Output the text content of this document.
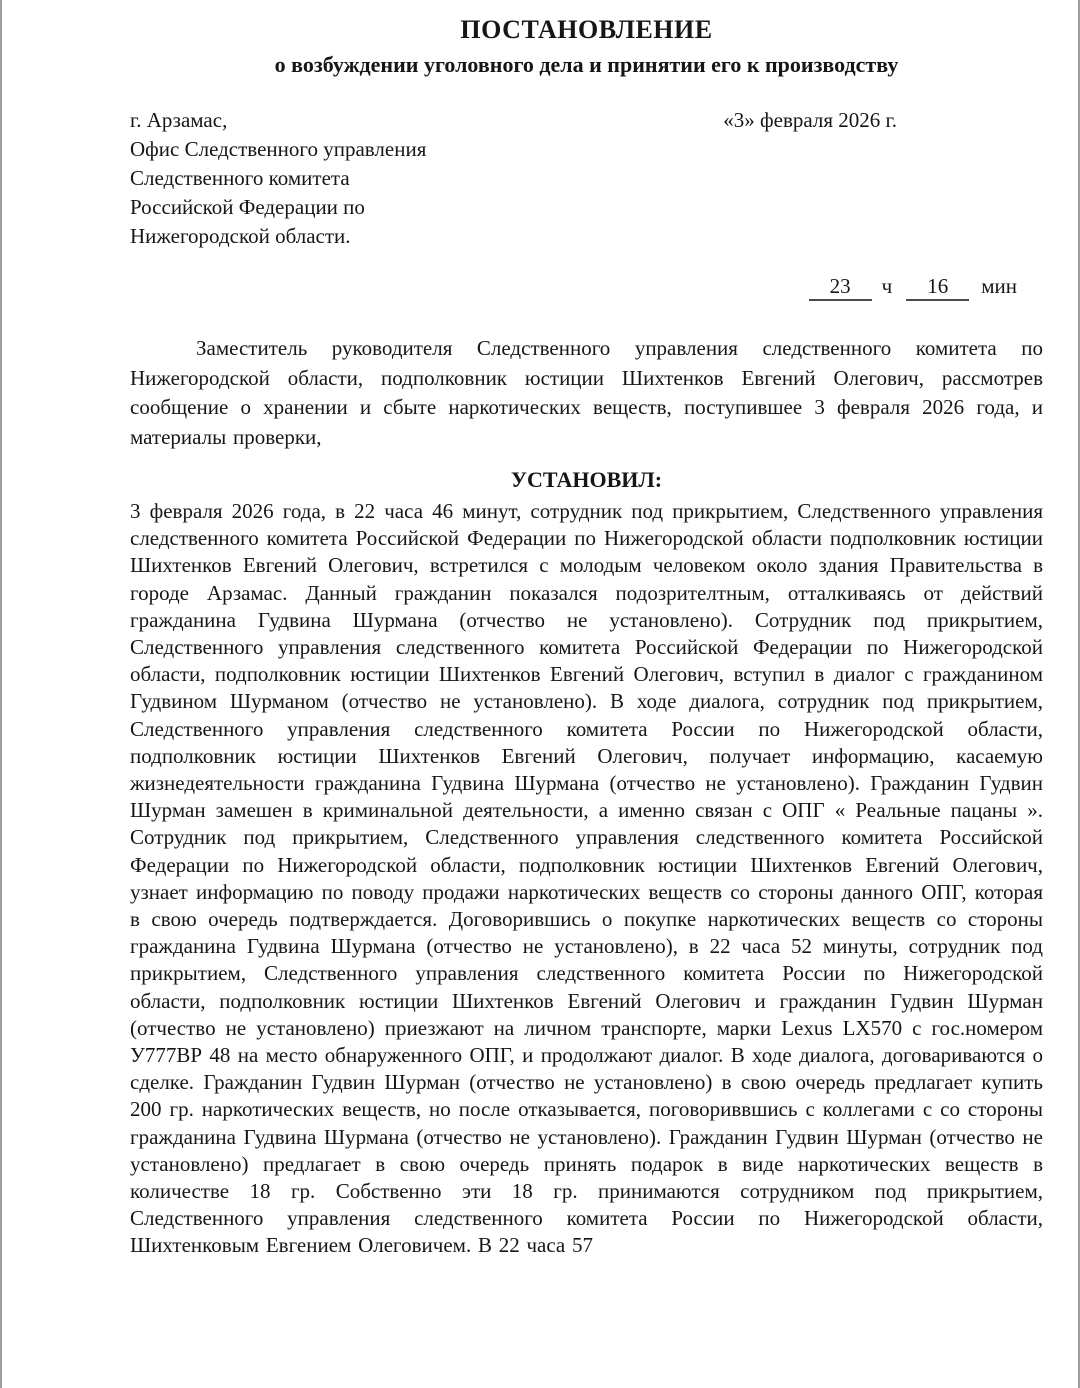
ПОСТАНОВЛЕНИЕ
о возбуждении уголовного дела и принятии его к производству
г. Арзамас,
Офис Следственного управления
Следственного комитета
Российской Федерации по
Нижегородской области.
«3» февраля 2026 г.
23 ч 16 мин

Заместитель руководителя Следственного управления следственного комитета по Нижегородской области, подполковник юстиции Шихтенков Евгений Олегович, рассмотрев сообщение о хранении и сбыте наркотических веществ, поступившее 3 февраля 2026 года, и материалы проверки,

УСТАНОВИЛ:

3 февраля 2026 года, в 22 часа 46 минут, сотрудник под прикрытием, Следственного управления следственного комитета Российской Федерации по Нижегородской области подполковник юстиции Шихтенков Евгений Олегович, встретился с молодым человеком около здания Правительства в городе Арзамас. Данный гражданин показался подозрителтным, отталкиваясь от действий гражданина Гудвина Шурмана (отчество не установлено). Сотрудник под прикрытием, Следственного управления следственного комитета Российской Федерации по Нижегородской области, подполковник юстиции Шихтенков Евгений Олегович, вступил в диалог с гражданином Гудвином Шурманом (отчество не установлено). В ходе диалога, сотрудник под прикрытием, Следственного управления следственного комитета России по Нижегородской области, подполковник юстиции Шихтенков Евгений Олегович, получает информацию, касаемую жизнедеятельности гражданина Гудвина Шурмана (отчество не установлено). Гражданин Гудвин Шурман замешен в криминальной деятельности, а именно связан с ОПГ « Реальные пацаны ». Сотрудник под прикрытием, Следственного управления следственного комитета Российской Федерации по Нижегородской области, подполковник юстиции Шихтенков Евгений Олегович, узнает информацию по поводу продажи наркотических веществ со стороны данного ОПГ, которая в свою очередь подтверждается. Договорившись о покупке наркотических веществ со стороны гражданина Гудвина Шурмана (отчество не установлено), в 22 часа 52 минуты, сотрудник под прикрытием, Следственного управления следственного комитета России по Нижегородской области, подполковник юстиции Шихтенков Евгений Олегович и гражданин Гудвин Шурман (отчество не установлено) приезжают на личном транспорте, марки Lexus LX570 с гос.номером У777ВР 48 на место обнаруженного ОПГ, и продолжают диалог. В ходе диалога, договариваются о сделке. Гражданин Гудвин Шурман (отчество не установлено) в свою очередь предлагает купить 200 гр. наркотических веществ, но после отказывается, поговориввшись с коллегами с со стороны гражданина Гудвина Шурмана (отчество не установлено). Гражданин Гудвин Шурман (отчество не установлено) предлагает в свою очередь принять подарок в виде наркотических веществ в количестве 18 гр. Собственно эти 18 гр. принимаются сотрудником под прикрытием, Следственного управления следственного комитета России по Нижегородской области, Шихтенковым Евгением Олеговичем. В 22 часа 57
